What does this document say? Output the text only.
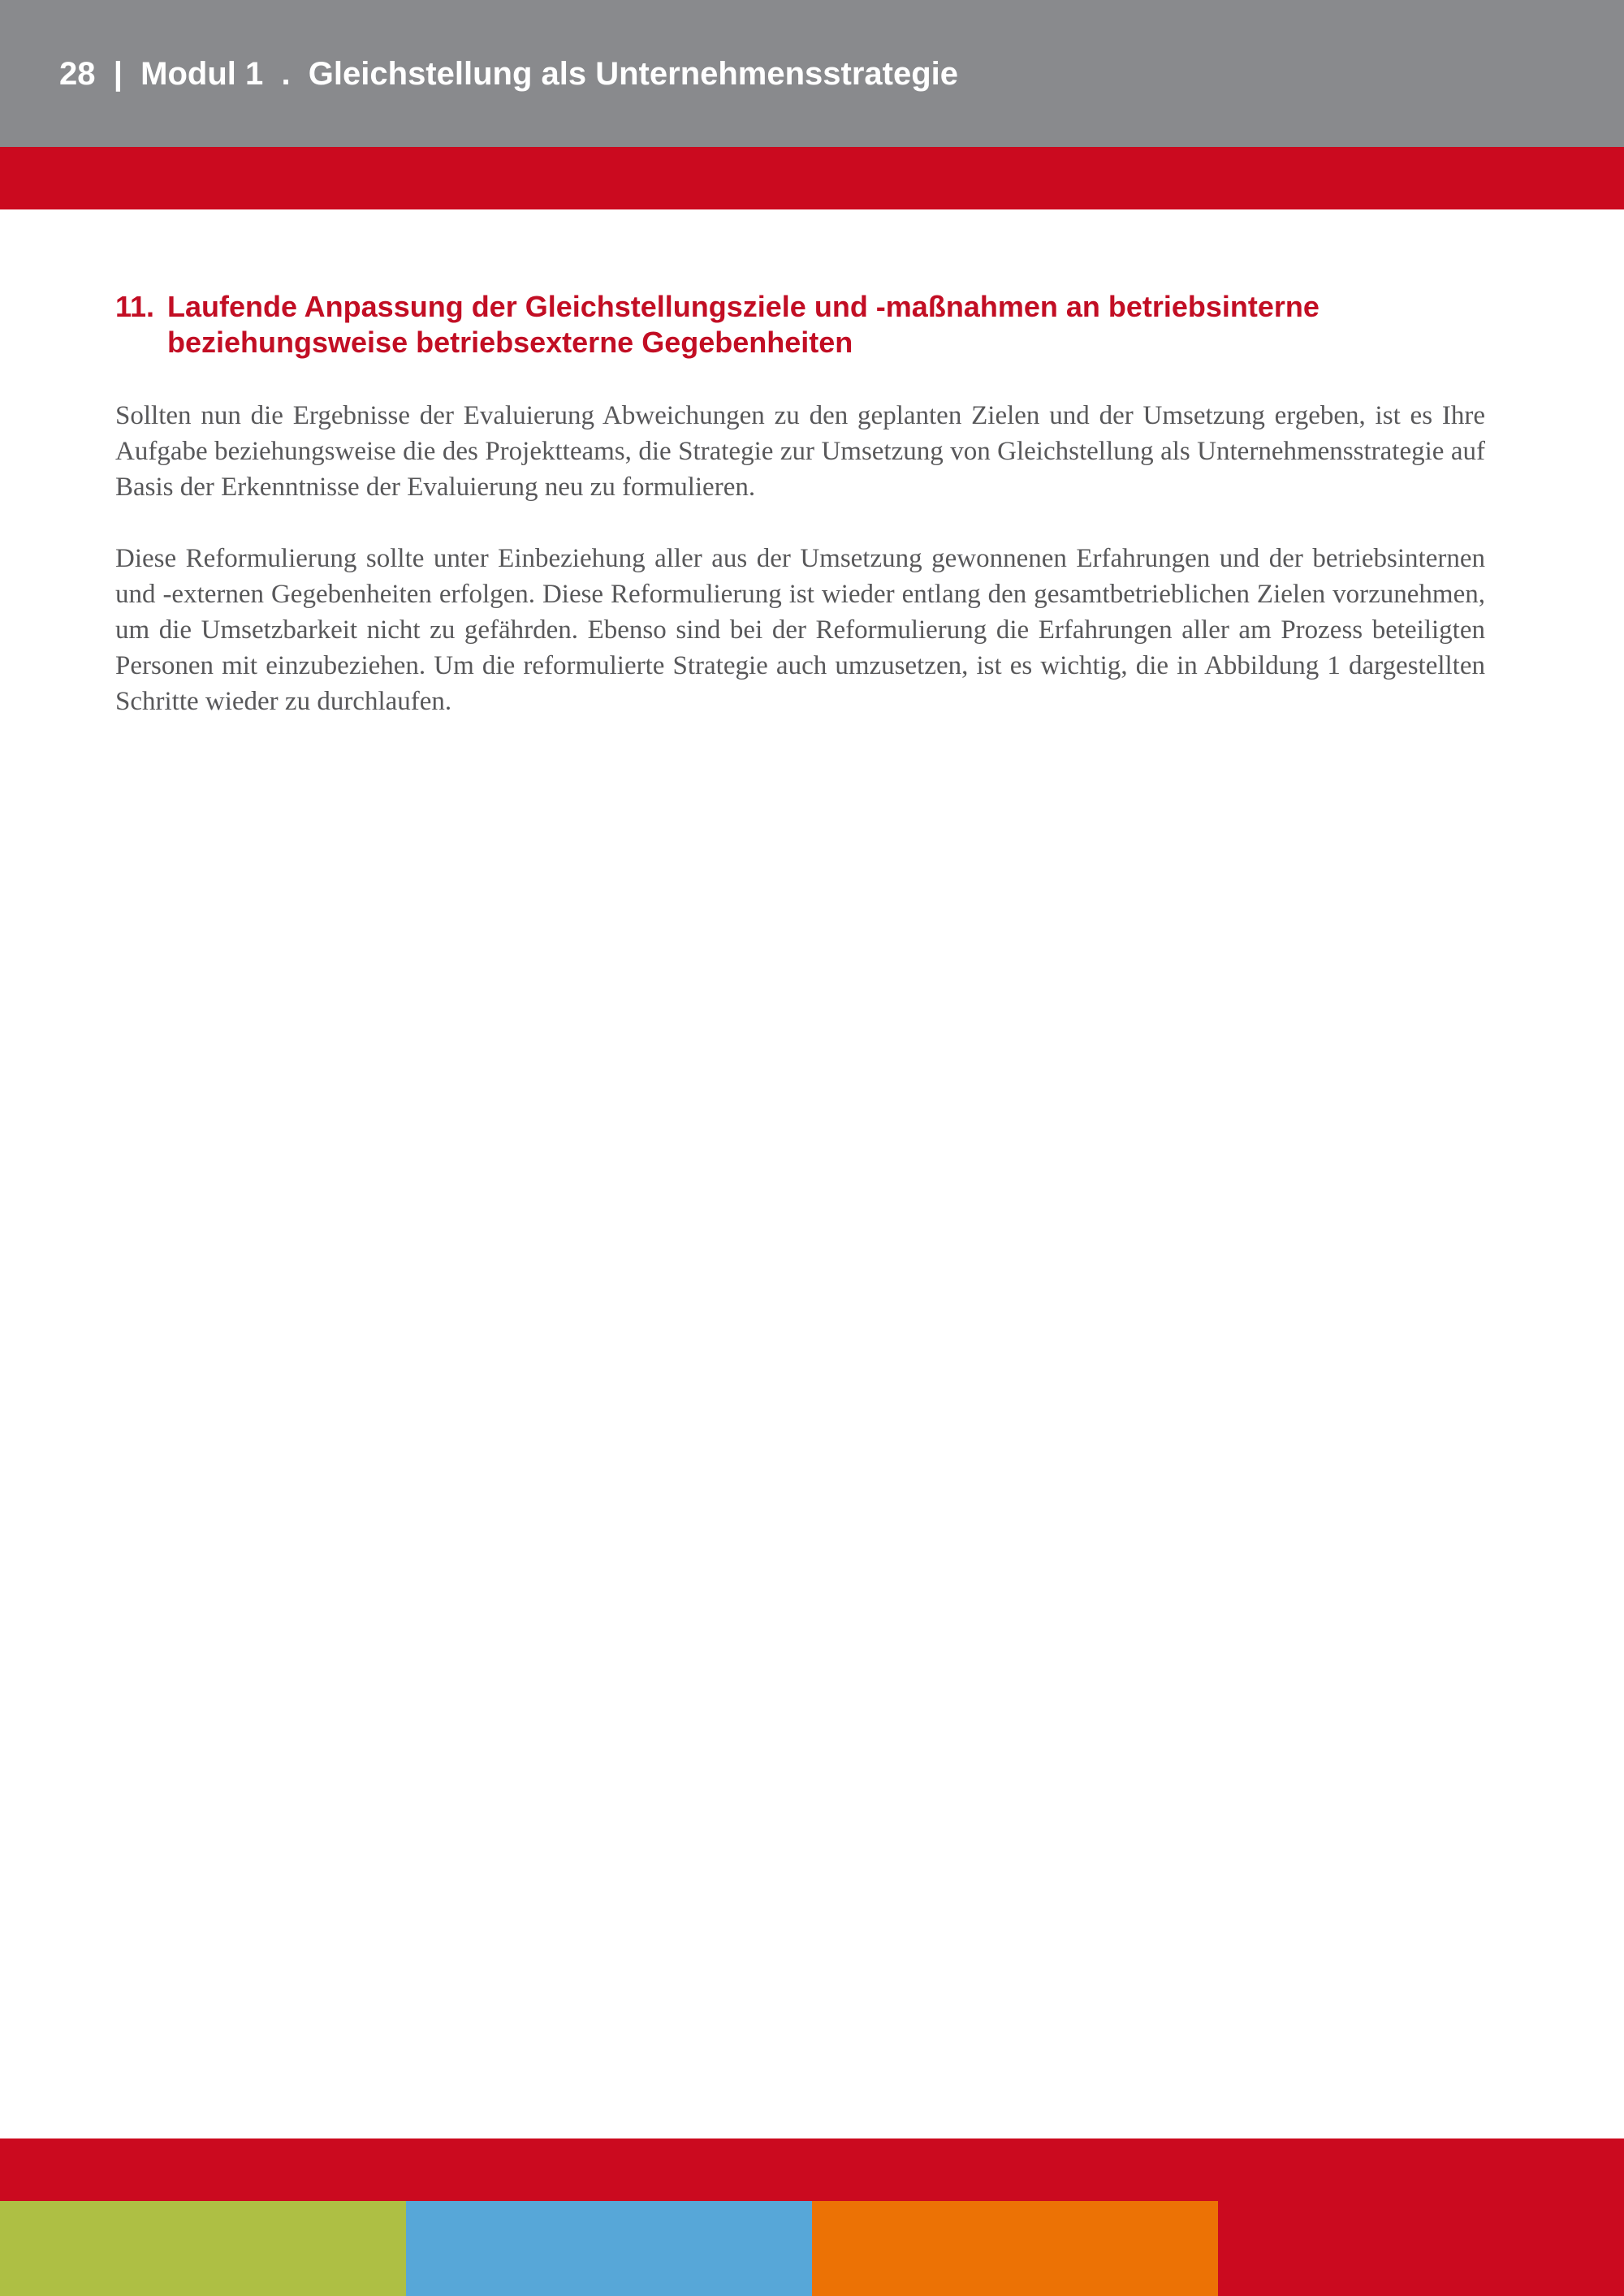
28  |  Modul 1  .  Gleichstellung als Unternehmensstrategie
11. Laufende Anpassung der Gleichstellungsziele und -maßnahmen an betriebsinterne beziehungsweise betriebsexterne Gegebenheiten

Sollten nun die Ergebnisse der Evaluierung Abweichungen zu den geplanten Zielen und der Umsetzung ergeben, ist es Ihre Aufgabe beziehungsweise die des Projektteams, die Strategie zur Umsetzung von Gleichstellung als Unternehmensstrategie auf Basis der Erkenntnisse der Evaluierung neu zu formulieren.

Diese Reformulierung sollte unter Einbeziehung aller aus der Umsetzung gewonnenen Erfahrungen und der betriebsinternen und -externen Gegebenheiten erfolgen. Diese Reformulierung ist wieder entlang den gesamtbetrieblichen Zielen vorzunehmen, um die Umsetzbarkeit nicht zu gefährden. Ebenso sind bei der Reformulierung die Erfahrungen aller am Prozess beteiligten Personen mit einzubeziehen. Um die reformulierte Strategie auch umzusetzen, ist es wichtig, die in Abbildung 1 dargestellten Schritte wieder zu durchlaufen.
